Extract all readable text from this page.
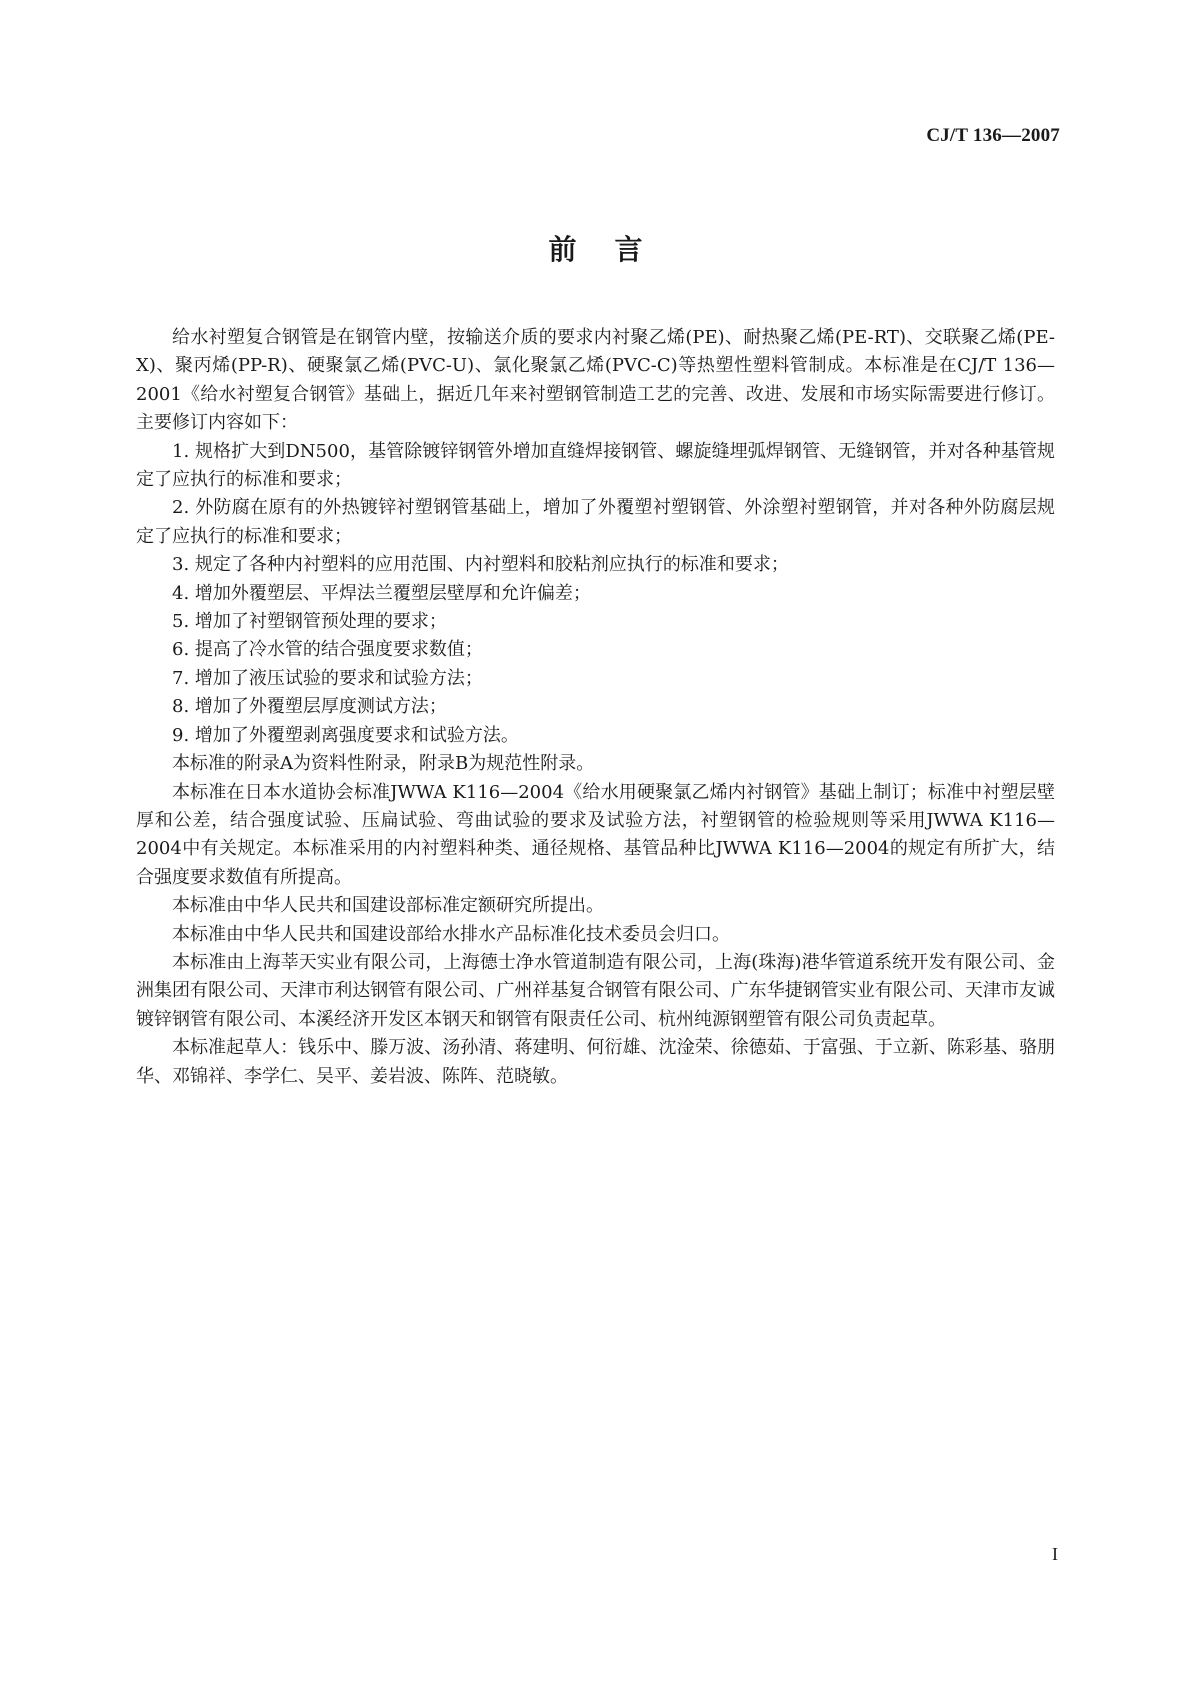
CJ/T 136—2007
前言

给水衬塑复合钢管是在钢管内壁，按输送介质的要求内衬聚乙烯(PE)、耐热聚乙烯(PE-RT)、交联聚乙烯(PE-X)、聚丙烯(PP-R)、硬聚氯乙烯(PVC-U)、氯化聚氯乙烯(PVC-C)等热塑性塑料管制成。本标准是在CJ/T 136—2001《给水衬塑复合钢管》基础上，据近几年来衬塑钢管制造工艺的完善、改进、发展和市场实际需要进行修订。主要修订内容如下：

1. 规格扩大到DN500，基管除镀锌钢管外增加直缝焊接钢管、螺旋缝埋弧焊钢管、无缝钢管，并对各种基管规定了应执行的标准和要求；

2. 外防腐在原有的外热镀锌衬塑钢管基础上，增加了外覆塑衬塑钢管、外涂塑衬塑钢管，并对各种外防腐层规定了应执行的标准和要求；

3. 规定了各种内衬塑料的应用范围、内衬塑料和胶粘剂应执行的标准和要求；

4. 增加外覆塑层、平焊法兰覆塑层壁厚和允许偏差；

5. 增加了衬塑钢管预处理的要求；

6. 提高了冷水管的结合强度要求数值；

7. 增加了液压试验的要求和试验方法；

8. 增加了外覆塑层厚度测试方法；

9. 增加了外覆塑剥离强度要求和试验方法。

本标准的附录A为资料性附录，附录B为规范性附录。

本标准在日本水道协会标准JWWA K116—2004《给水用硬聚氯乙烯内衬钢管》基础上制订；标准中衬塑层壁厚和公差，结合强度试验、压扁试验、弯曲试验的要求及试验方法，衬塑钢管的检验规则等采用JWWA K116—2004中有关规定。本标准采用的内衬塑料种类、通径规格、基管品种比JWWA K116—2004的规定有所扩大，结合强度要求数值有所提高。

本标准由中华人民共和国建设部标准定额研究所提出。

本标准由中华人民共和国建设部给水排水产品标准化技术委员会归口。

本标准由上海莘天实业有限公司，上海德士净水管道制造有限公司，上海(珠海)港华管道系统开发有限公司、金洲集团有限公司、天津市利达钢管有限公司、广州祥基复合钢管有限公司、广东华捷钢管实业有限公司、天津市友诚镀锌钢管有限公司、本溪经济开发区本钢天和钢管有限责任公司、杭州纯源钢塑管有限公司负责起草。

本标准起草人：钱乐中、滕万波、汤孙清、蒋建明、何衍雄、沈淦荣、徐德茹、于富强、于立新、陈彩基、骆朋华、邓锦祥、李学仁、吴平、姜岩波、陈阵、范晓敏。

I
